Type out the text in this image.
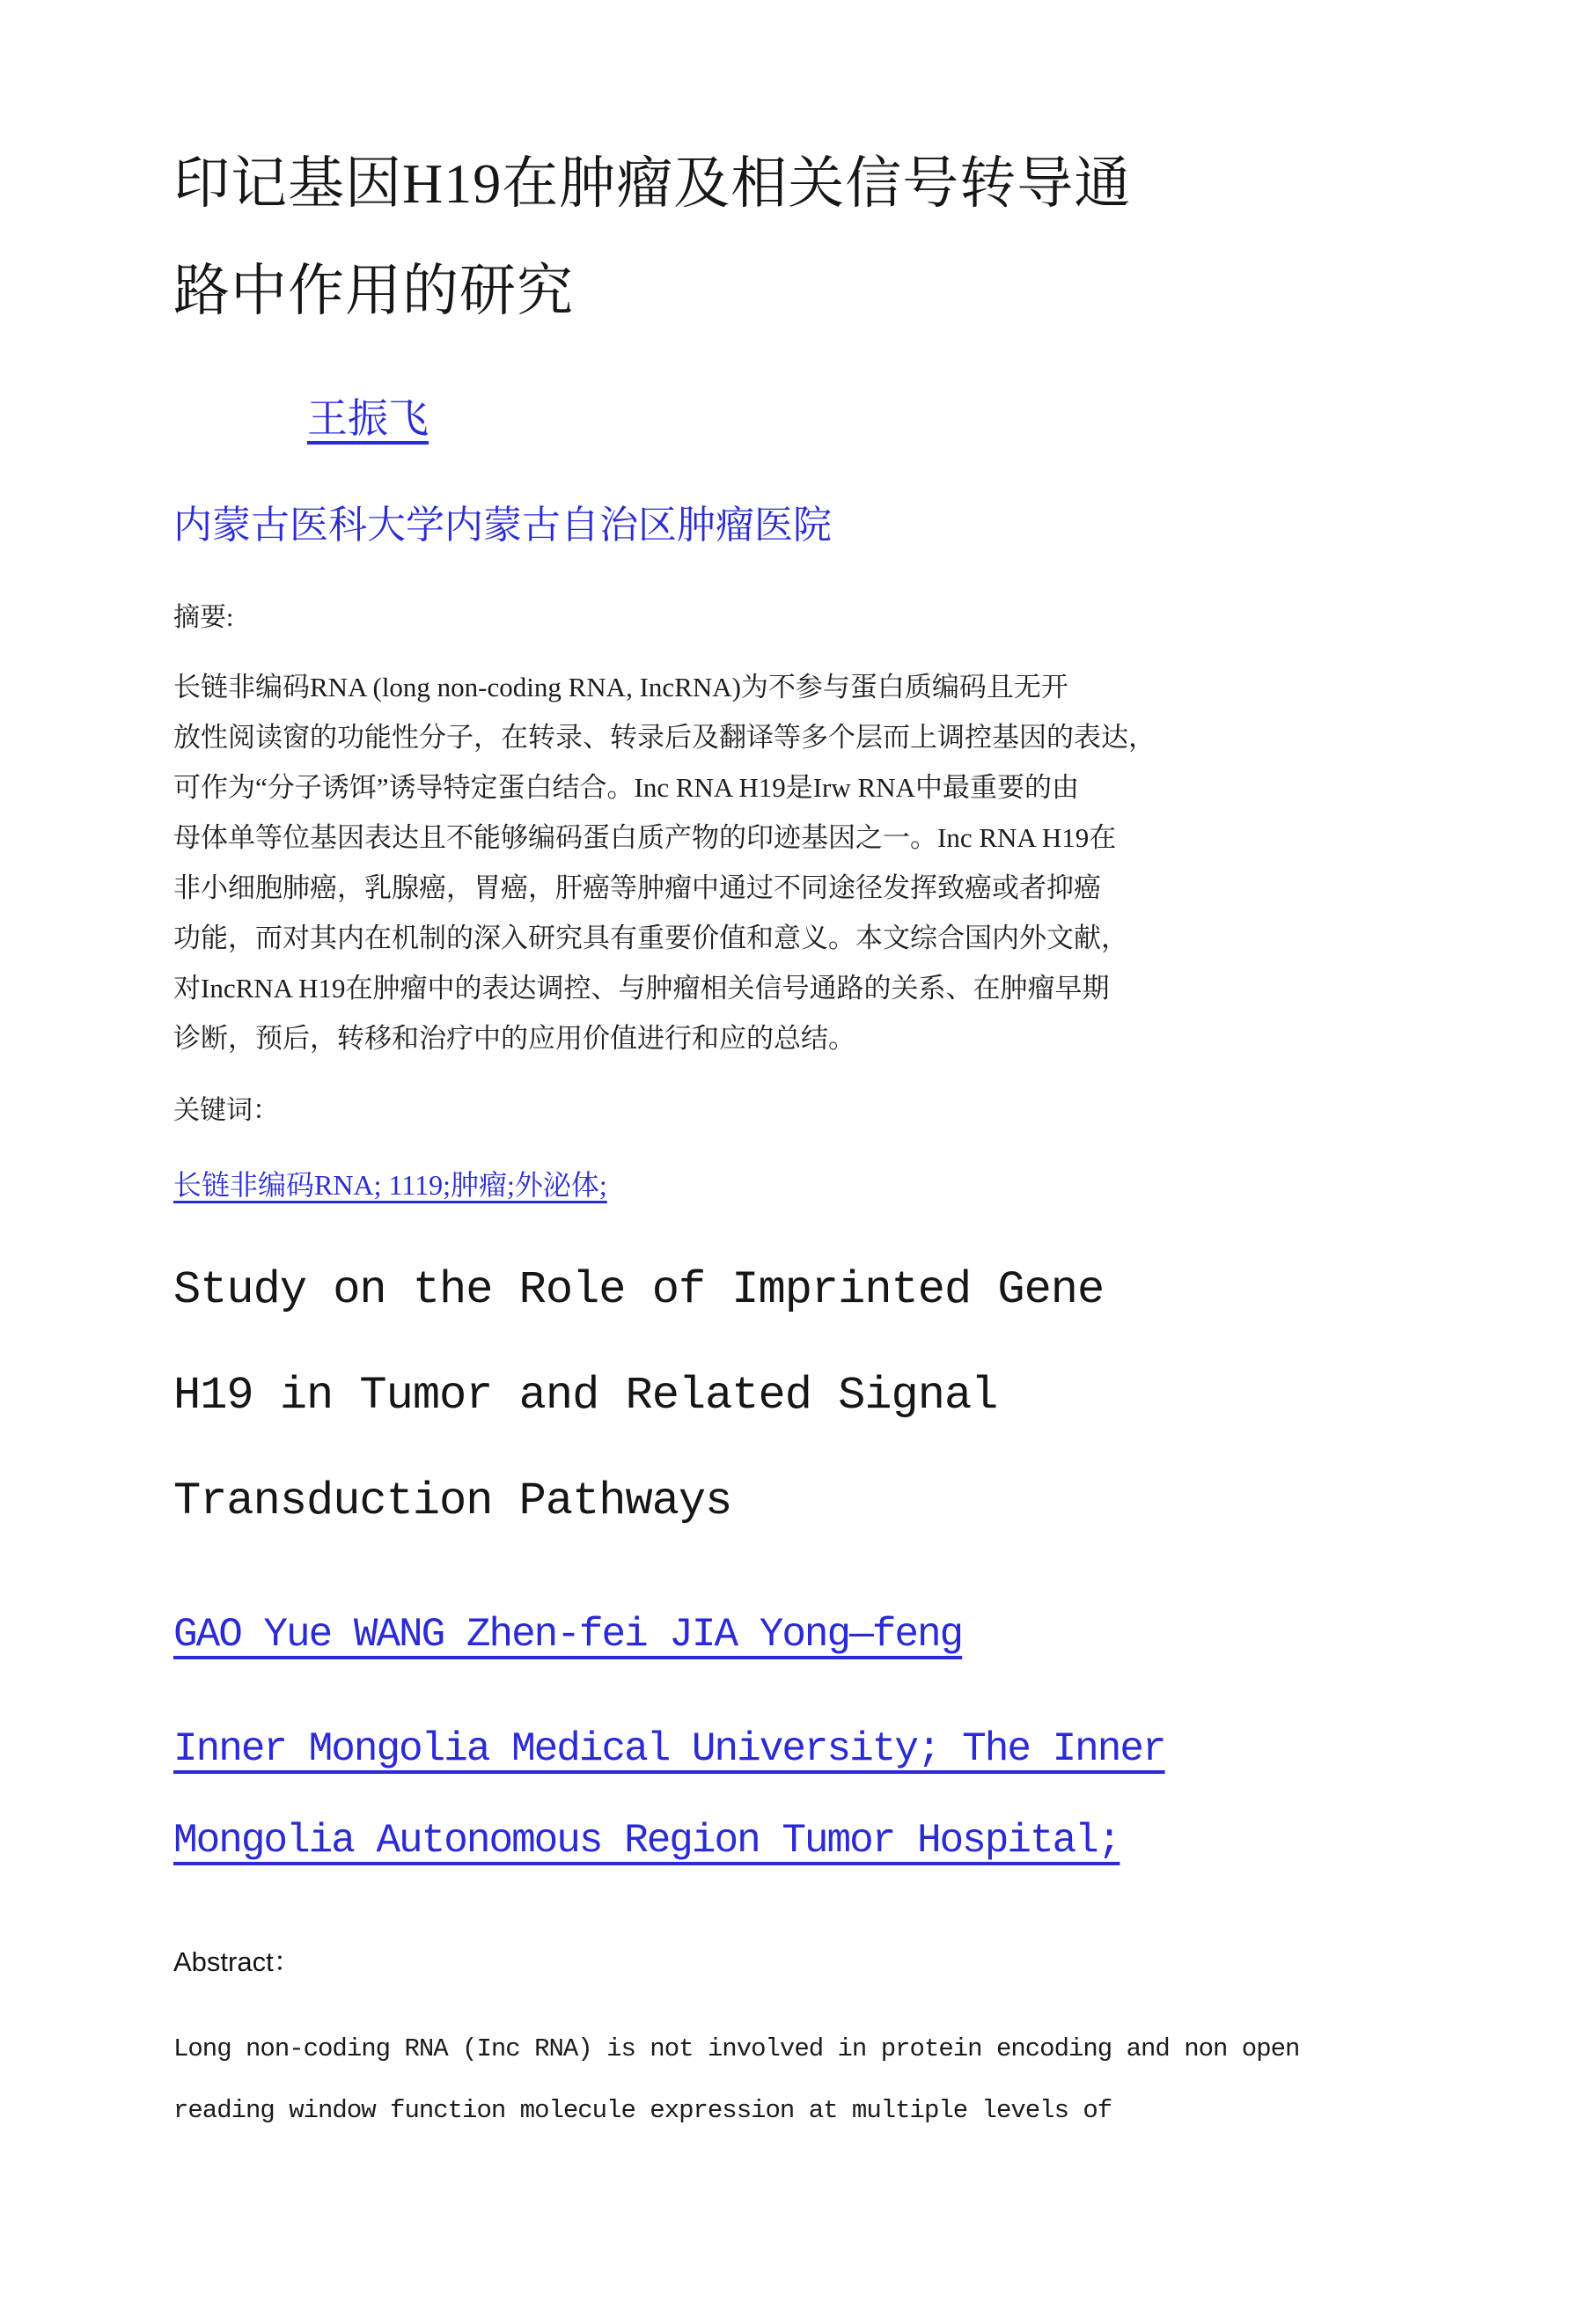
印记基因H19在肿瘤及相关信号转导通
路中作用的研究
王振飞
内蒙古医科大学内蒙古自治区肿瘤医院
摘要:
长链非编码RNA (long non-coding RNA, IncRNA)为不参与蛋白质编码且无开
放性阅读窗的功能性分子，在转录、转录后及翻译等多个层而上调控基因的表达，
可作为“分子诱饵”诱导特定蛋白结合。Inc RNA H19是Irw RNA中最重要的由
母体单等位基因表达且不能够编码蛋白质产物的印迹基因之一。Inc RNA H19在
非小细胞肺癌，乳腺癌，胃癌，肝癌等肿瘤中通过不同途径发挥致癌或者抑癌
功能，而对其内在机制的深入研究具有重要价值和意义。本文综合国内外文献，
对IncRNA H19在肿瘤中的表达调控、与肿瘤相关信号通路的关系、在肿瘤早期
诊断，预后，转移和治疗中的应用价值进行和应的总结。
关键词：
长链非编码RNA; 1119;肿瘤;外泌体;
Study on the Role of Imprinted Gene
H19 in Tumor and Related Signal
Transduction Pathways
GAO Yue WANG Zhen-fei JIA Yong—feng
Inner Mongolia Medical University; The Inner
Mongolia Autonomous Region Tumor Hospital;
Abstract：
Long non-coding RNA (Inc RNA) is not involved in protein encoding and non open
reading window function molecule expression at multiple levels of
